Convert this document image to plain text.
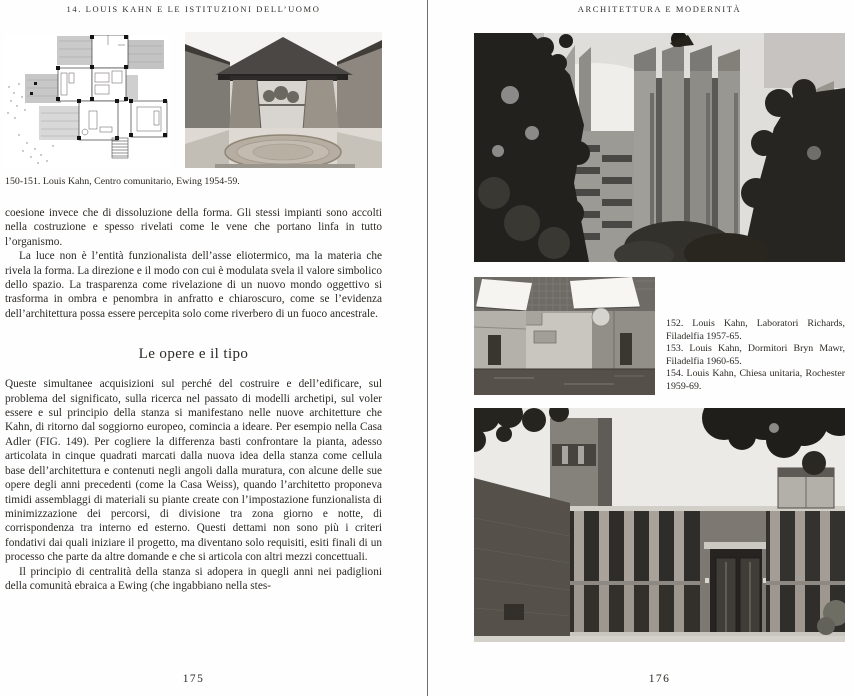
14. LOUIS KAHN E LE ISTITUZIONI DELL’UOMO

150-151. Louis Kahn, Centro comunitario, Ewing 1954-59.

coesione invece che di dissoluzione della forma. Gli stessi impianti sono accolti nella costruzione e spesso rivelati come le vene che portano linfa in tutto l’organismo.

La luce non è l’entità funzionalista dell’asse eliotermico, ma la materia che rivela la forma. La direzione e il modo con cui è modulata svela il valore simbolico dello spazio. La trasparenza come rivelazione di un nuovo mondo oggettivo si trasforma in ombra e penombra in anfratto e chiaroscuro, come se l’evidenza dell’architettura possa essere percepita solo come riverbero di un fuoco ancestrale.

Le opere e il tipo

Queste simultanee acquisizioni sul perché del costruire e dell’edificare, sul problema del significato, sulla ricerca nel passato di modelli archetipi, sul voler essere e sul principio della stanza si manifestano nelle nuove architetture che Kahn, di ritorno dal soggiorno europeo, comincia a ideare. Per esempio nella Casa Adler (FIG. 149). Per cogliere la differenza basti confrontare la pianta, adesso articolata in cinque quadrati marcati dalla nuova idea della stanza come cellula base dell’architettura e contenuti negli angoli dalla muratura, con alcune delle sue opere degli anni precedenti (come la Casa Weiss), quando l’architetto proponeva timidi assemblaggi di materiali su piante create con l’impostazione funzionalista di minimizzazione dei percorsi, di divisione tra zona giorno e notte, di corrispondenza tra interno ed esterno. Questi dettami non sono più i criteri fondativi dai quali iniziare il progetto, ma diventano solo requisiti, esiti finali di un processo che parte da altre domande e che si articola con altri mezzi concettuali.

Il principio di centralità della stanza si adopera in quegli anni nei padiglioni della comunità ebraica a Ewing (che ingabbiano nella stes-

175
ARCHITETTURA E MODERNITÀ

152. Louis Kahn, Laboratori Richards, Filadelfia 1957-65.

153. Louis Kahn, Dormitori Bryn Mawr, Filadelfia 1960-65.

154. Louis Kahn, Chiesa unitaria, Rochester 1959-69.

176
